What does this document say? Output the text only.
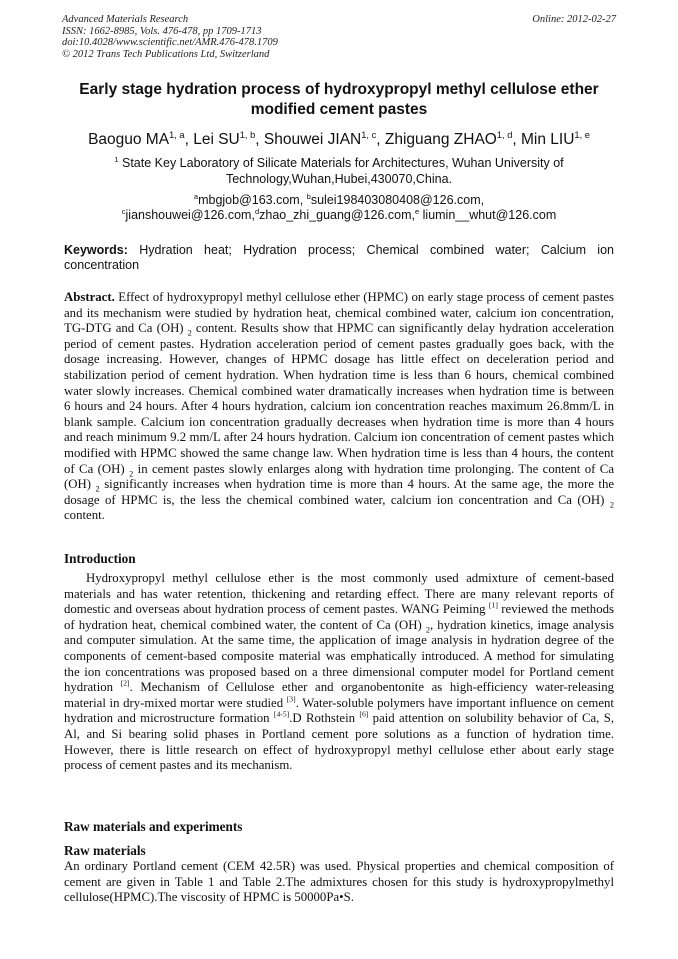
Advanced Materials Research
ISSN: 1662-8985, Vols. 476-478, pp 1709-1713
doi:10.4028/www.scientific.net/AMR.476-478.1709
© 2012 Trans Tech Publications Ltd, Switzerland
Online: 2012-02-27
Early stage hydration process of hydroxypropyl methyl cellulose ether modified cement pastes
Baoguo MA$^{1, a}$, Lei SU$^{1, b}$, Shouwei JIAN$^{1, c}$, Zhiguang ZHAO$^{1, d}$, Min LIU$^{1, e}$
$^1$ State Key Laboratory of Silicate Materials for Architectures, Wuhan University of Technology,Wuhan,Hubei,430070,China.
$^a$mbgjob@163.com, $^b$sulei198403080408@126.com,
$^c$jianshouwei@126.com,$^d$zhao_zhi_guang@126.com,$^e$ liumin__whut@126.com
Keywords: Hydration heat; Hydration process; Chemical combined water; Calcium ion concentration
Abstract. Effect of hydroxypropyl methyl cellulose ether (HPMC) on early stage process of cement pastes and its mechanism were studied by hydration heat, chemical combined water, calcium ion concentration, TG-DTG and Ca (OH) $_2$ content. Results show that HPMC can significantly delay hydration acceleration period of cement pastes. Hydration acceleration period of cement pastes gradually goes back, with the dosage increasing. However, changes of HPMC dosage has little effect on deceleration period and stabilization period of cement hydration. When hydration time is less than 6 hours, chemical combined water slowly increases. Chemical combined water dramatically increases when hydration time is between 6 hours and 24 hours. After 4 hours hydration, calcium ion concentration reaches maximum 26.8mm/L in blank sample. Calcium ion concentration gradually decreases when hydration time is more than 4 hours and reach minimum 9.2 mm/L after 24 hours hydration. Calcium ion concentration of cement pastes which modified with HPMC showed the same change law. When hydration time is less than 4 hours, the content of Ca (OH) $_2$ in cement pastes slowly enlarges along with hydration time prolonging. The content of Ca (OH) $_2$ significantly increases when hydration time is more than 4 hours. At the same age, the more the dosage of HPMC is, the less the chemical combined water, calcium ion concentration and Ca (OH) $_2$ content.
Introduction
Hydroxypropyl methyl cellulose ether is the most commonly used admixture of cement-based materials and has water retention, thickening and retarding effect. There are many relevant reports of domestic and overseas about hydration process of cement pastes. WANG Peiming [1] reviewed the methods of hydration heat, chemical combined water, the content of Ca (OH) $_2$, hydration kinetics, image analysis and computer simulation. At the same time, the application of image analysis in hydration degree of the components of cement-based composite material was emphatically introduced. A method for simulating the ion concentrations was proposed based on a three dimensional computer model for Portland cement hydration [2]. Mechanism of Cellulose ether and organobentonite as high-efficiency water-releasing material in dry-mixed mortar were studied [3]. Water-soluble polymers have important influence on cement hydration and microstructure formation [4-5].D Rothstein [6] paid attention on solubility behavior of Ca, S, Al, and Si bearing solid phases in Portland cement pore solutions as a function of hydration time. However, there is little research on effect of hydroxypropyl methyl cellulose ether about early stage process of cement pastes and its mechanism.
Raw materials and experiments
Raw materials
An ordinary Portland cement (CEM 42.5R) was used. Physical properties and chemical composition of cement are given in Table 1 and Table 2.The admixtures chosen for this study is hydroxypropylmethyl cellulose(HPMC).The viscosity of HPMC is 50000Pa•S.
